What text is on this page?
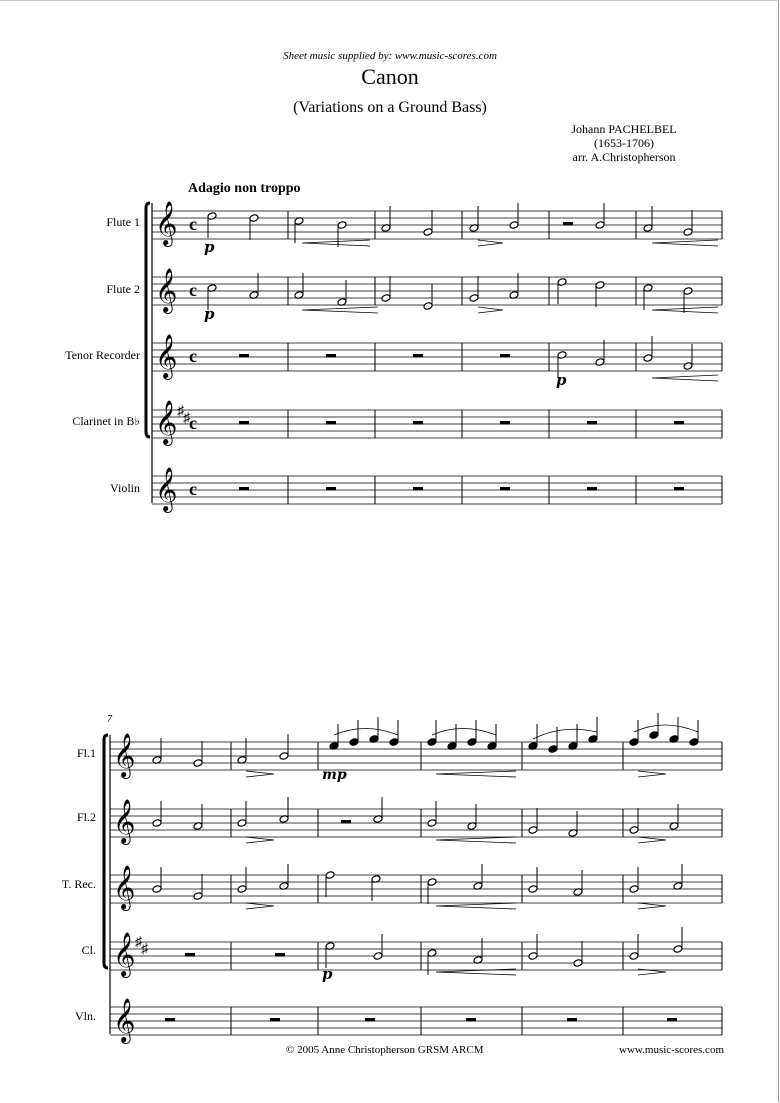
Sheet music supplied by: www.music-scores.com
Canon
(Variations on a Ground Bass)
Johann PACHELBEL
(1653-1706)
arr. A.Christopherson
Adagio non troppo
Flute 1
Flute 2
Tenor Recorder
Clarinet in B♭
Violin
7
Fl.1
Fl.2
T. Rec.
Cl.
Vln.
𝄞
𝄞
𝄞
𝄞
𝄞
c
c
c
c
c
♯ ♯
p
p
p
𝄞
𝄞
𝄞
𝄞
𝄞
♯ ♯
mp
p
© 2005 Anne Christopherson GRSM ARCM	www.music-scores.com
